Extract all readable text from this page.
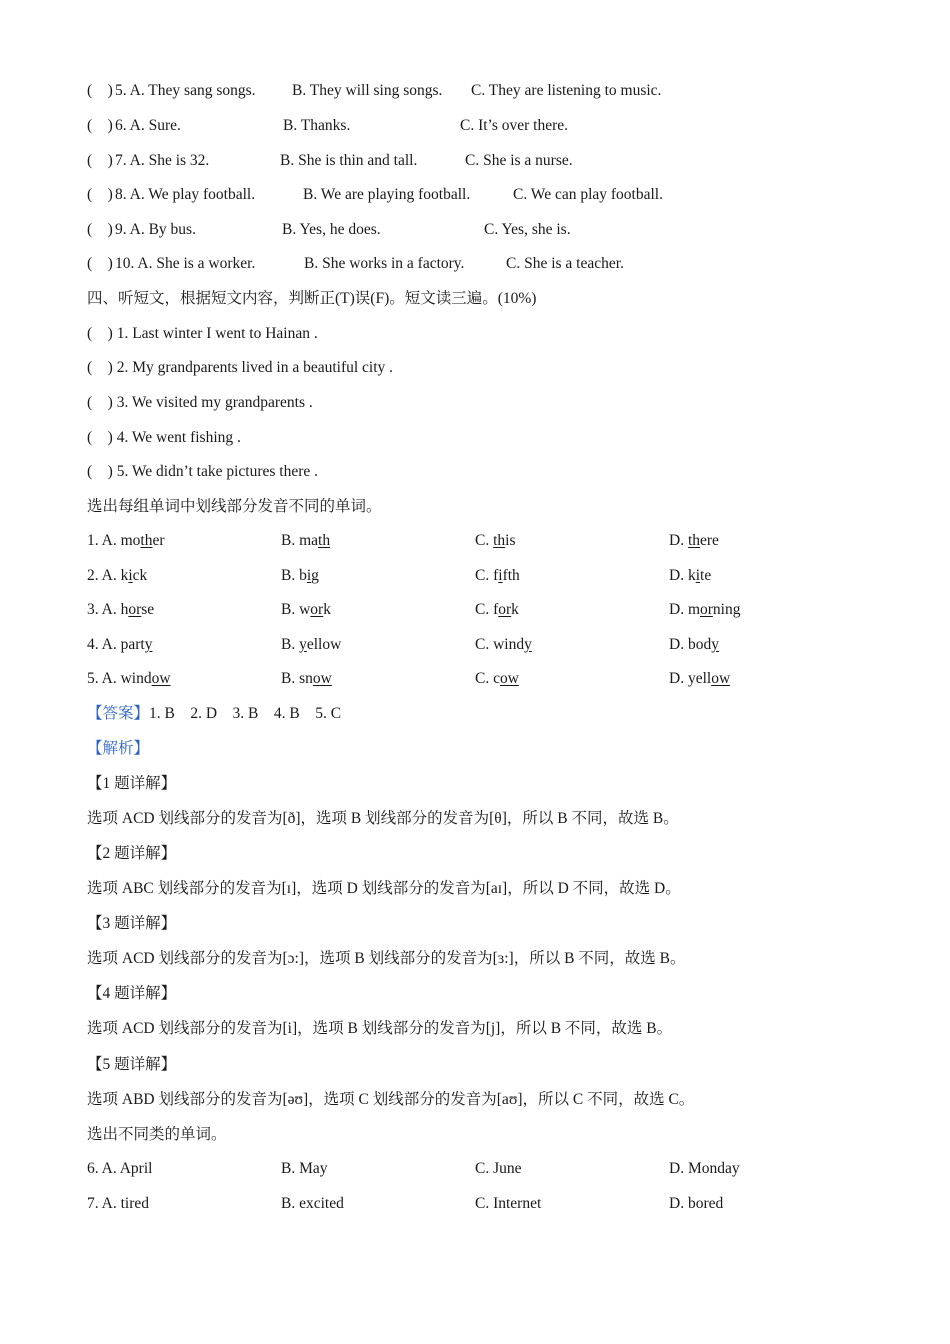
(    ) 5. A. They sang songs. B. They will sing songs. C. They are listening to music.
(    ) 6. A. Sure.	B. Thanks.	C. It’s over there.
(    ) 7. A. She is 32.	B. She is thin and tall.	C. She is a nurse.
(    ) 8. A. We play football.	B. We are playing football.	C. We can play football.
(    ) 9. A. By bus.	B. Yes, he does.	C. Yes, she is.
(    ) 10. A. She is a worker.	B. She works in a factory.	C. She is a teacher.
四、听短文，根据短文内容，判断正(T)误(F)。短文读三遍。(10%)
(    ) 1. Last winter I went to Hainan .
(    ) 2. My grandparents lived in a beautiful city .
(    ) 3. We visited my grandparents .
(    ) 4. We went fishing .
(    ) 5. We didn’t take pictures there .
选出每组单词中划线部分发音不同的单词。
1. A. mother	B. math	C. this	D. there
2. A. kick	B. big	C. fifth	D. kite
3. A. horse	B. work	C. fork	D. morning
4. A. party	B. yellow	C. windy	D. body
5. A. window	B. snow	C. cow	D. yellow
【答案】1. B    2. D    3. B    4. B    5. C
【解析】
【1 题详解】
选项 ACD 划线部分的发音为[ð]，选项 B 划线部分的发音为[θ]，所以 B 不同，故选 B。
【2 题详解】
选项 ABC 划线部分的发音为[ɪ]，选项 D 划线部分的发音为[aɪ]，所以 D 不同，故选 D。
【3 题详解】
选项 ACD 划线部分的发音为[ɔ:]，选项 B 划线部分的发音为[ɜ:]，所以 B 不同，故选 B。
【4 题详解】
选项 ACD 划线部分的发音为[i]，选项 B 划线部分的发音为[j]，所以 B 不同，故选 B。
【5 题详解】
选项 ABD 划线部分的发音为[əʊ]，选项 C 划线部分的发音为[aʊ]，所以 C 不同，故选 C。
选出不同类的单词。
6. A. April	B. May	C. June	D. Monday
7. A. tired	B. excited	C. Internet	D. bored
